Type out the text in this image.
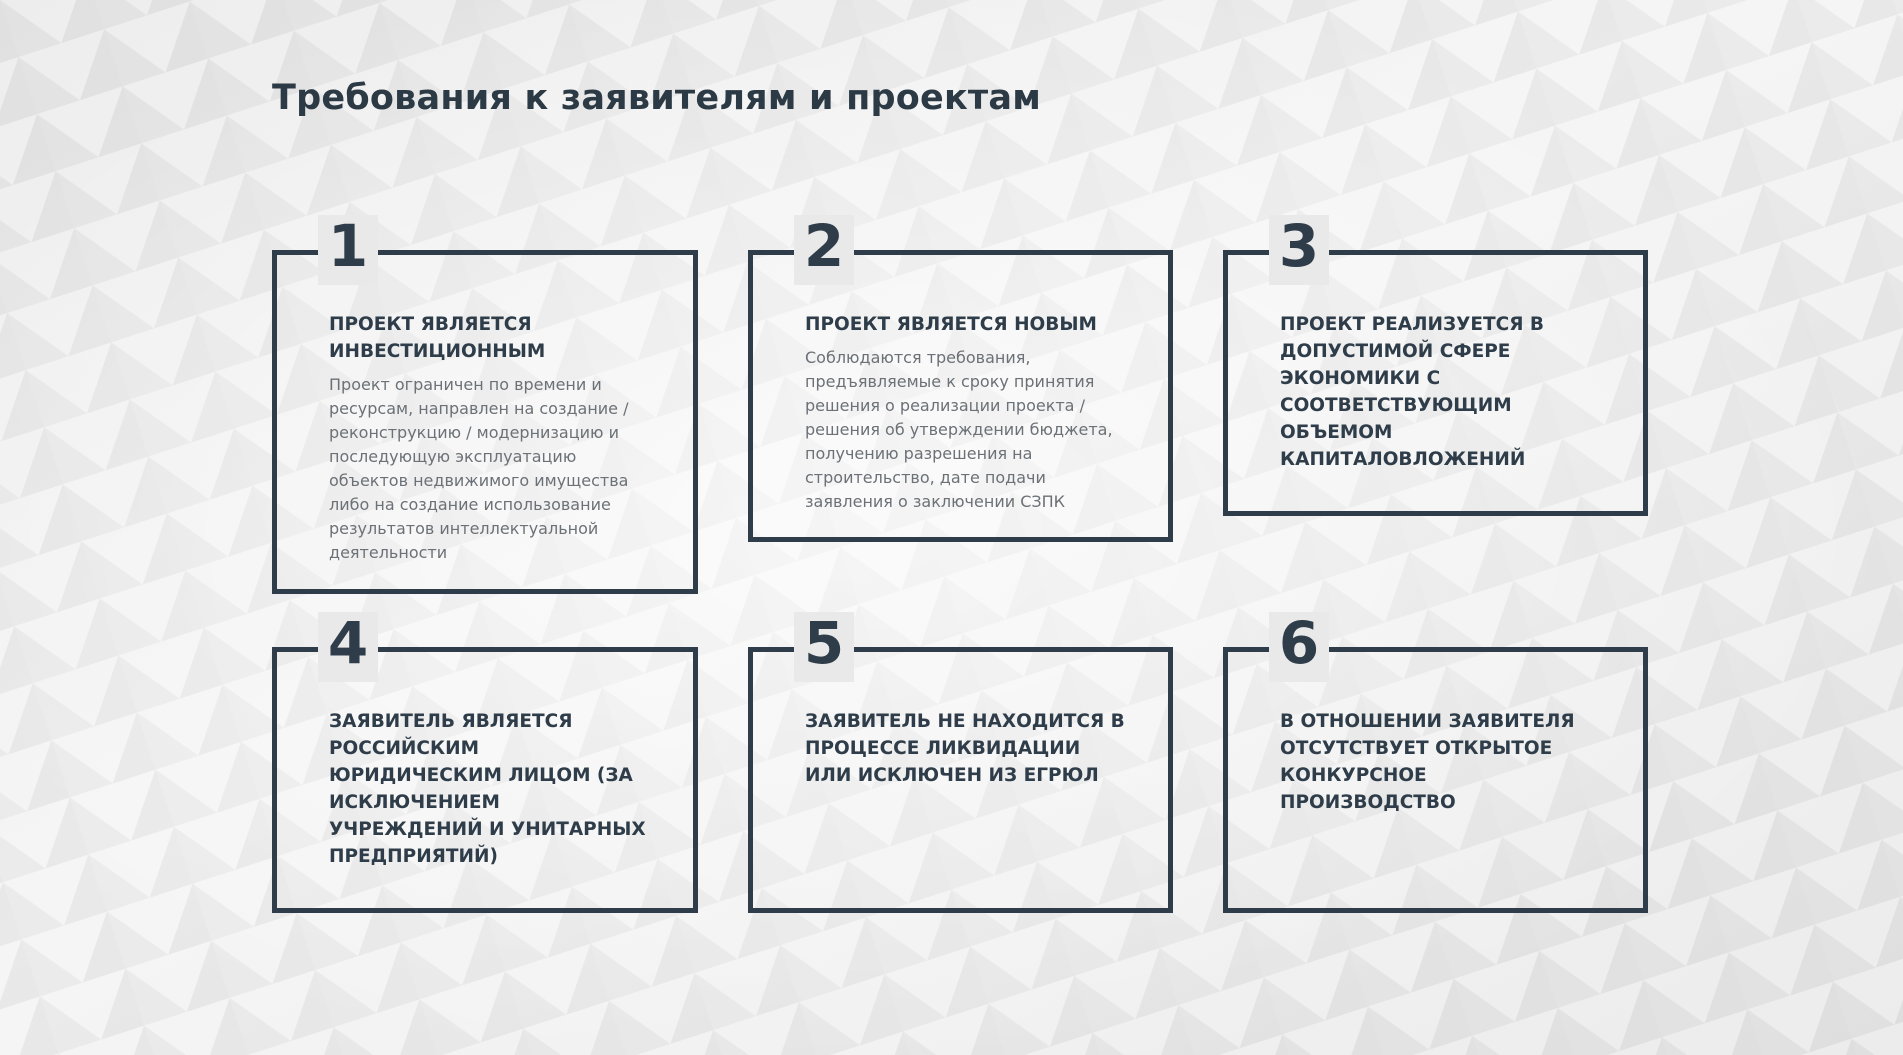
Требования к заявителям и проектам
1

ПРОЕКТ ЯВЛЯЕТСЯ ИНВЕСТИЦИОННЫМ

Проект ограничен по времени и ресурсам, направлен на создание / реконструкцию / модернизацию и последующую эксплуатацию объектов недвижимого имущества либо на создание использование результатов интеллектуальной деятельности

2

ПРОЕКТ ЯВЛЯЕТСЯ НОВЫМ

Соблюдаются требования, предъявляемые к сроку принятия решения о реализации проекта / решения об утверждении бюджета, получению разрешения на строительство, дате подачи заявления о заключении СЗПК

3

ПРОЕКТ РЕАЛИЗУЕТСЯ В ДОПУСТИМОЙ СФЕРЕ ЭКОНОМИКИ С СООТВЕТСТВУЮЩИМ ОБЪЕМОМ КАПИТАЛОВЛОЖЕНИЙ

4

ЗАЯВИТЕЛЬ ЯВЛЯЕТСЯ РОССИЙСКИМ ЮРИДИЧЕСКИМ ЛИЦОМ (ЗА ИСКЛЮЧЕНИЕМ УЧРЕЖДЕНИЙ И УНИТАРНЫХ ПРЕДПРИЯТИЙ)

5

ЗАЯВИТЕЛЬ НЕ НАХОДИТСЯ В ПРОЦЕССЕ ЛИКВИДАЦИИ ИЛИ ИСКЛЮЧЕН ИЗ ЕГРЮЛ

6

В ОТНОШЕНИИ ЗАЯВИТЕЛЯ ОТСУТСТВУЕТ ОТКРЫТОЕ КОНКУРСНОЕ ПРОИЗВОДСТВО
